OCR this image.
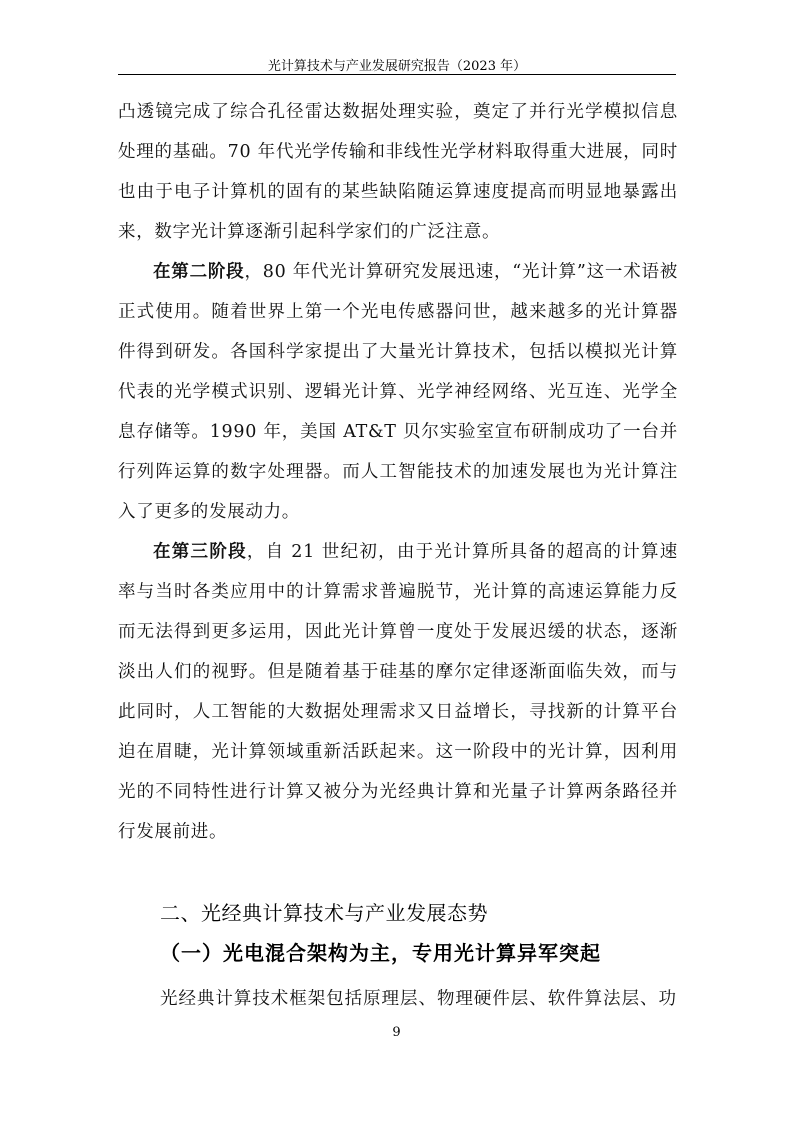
光计算技术与产业发展研究报告（2023 年）

凸透镜完成了综合孔径雷达数据处理实验，奠定了并行光学模拟信息处理的基础。70 年代光学传输和非线性光学材料取得重大进展，同时也由于电子计算机的固有的某些缺陷随运算速度提高而明显地暴露出来，数字光计算逐渐引起科学家们的广泛注意。

在第二阶段，80 年代光计算研究发展迅速，“光计算”这一术语被正式使用。随着世界上第一个光电传感器问世，越来越多的光计算器件得到研发。各国科学家提出了大量光计算技术，包括以模拟光计算代表的光学模式识别、逻辑光计算、光学神经网络、光互连、光学全息存储等。1990 年，美国 AT&T 贝尔实验室宣布研制成功了一台并行列阵运算的数字处理器。而人工智能技术的加速发展也为光计算注入了更多的发展动力。

在第三阶段，自 21 世纪初，由于光计算所具备的超高的计算速率与当时各类应用中的计算需求普遍脱节，光计算的高速运算能力反而无法得到更多运用，因此光计算曾一度处于发展迟缓的状态，逐渐淡出人们的视野。但是随着基于硅基的摩尔定律逐渐面临失效，而与此同时，人工智能的大数据处理需求又日益增长，寻找新的计算平台迫在眉睫，光计算领域重新活跃起来。这一阶段中的光计算，因利用光的不同特性进行计算又被分为光经典计算和光量子计算两条路径并行发展前进。

二、光经典计算技术与产业发展态势
（一）光电混合架构为主，专用光计算异军突起
光经典计算技术框架包括原理层、物理硬件层、软件算法层、功
9
